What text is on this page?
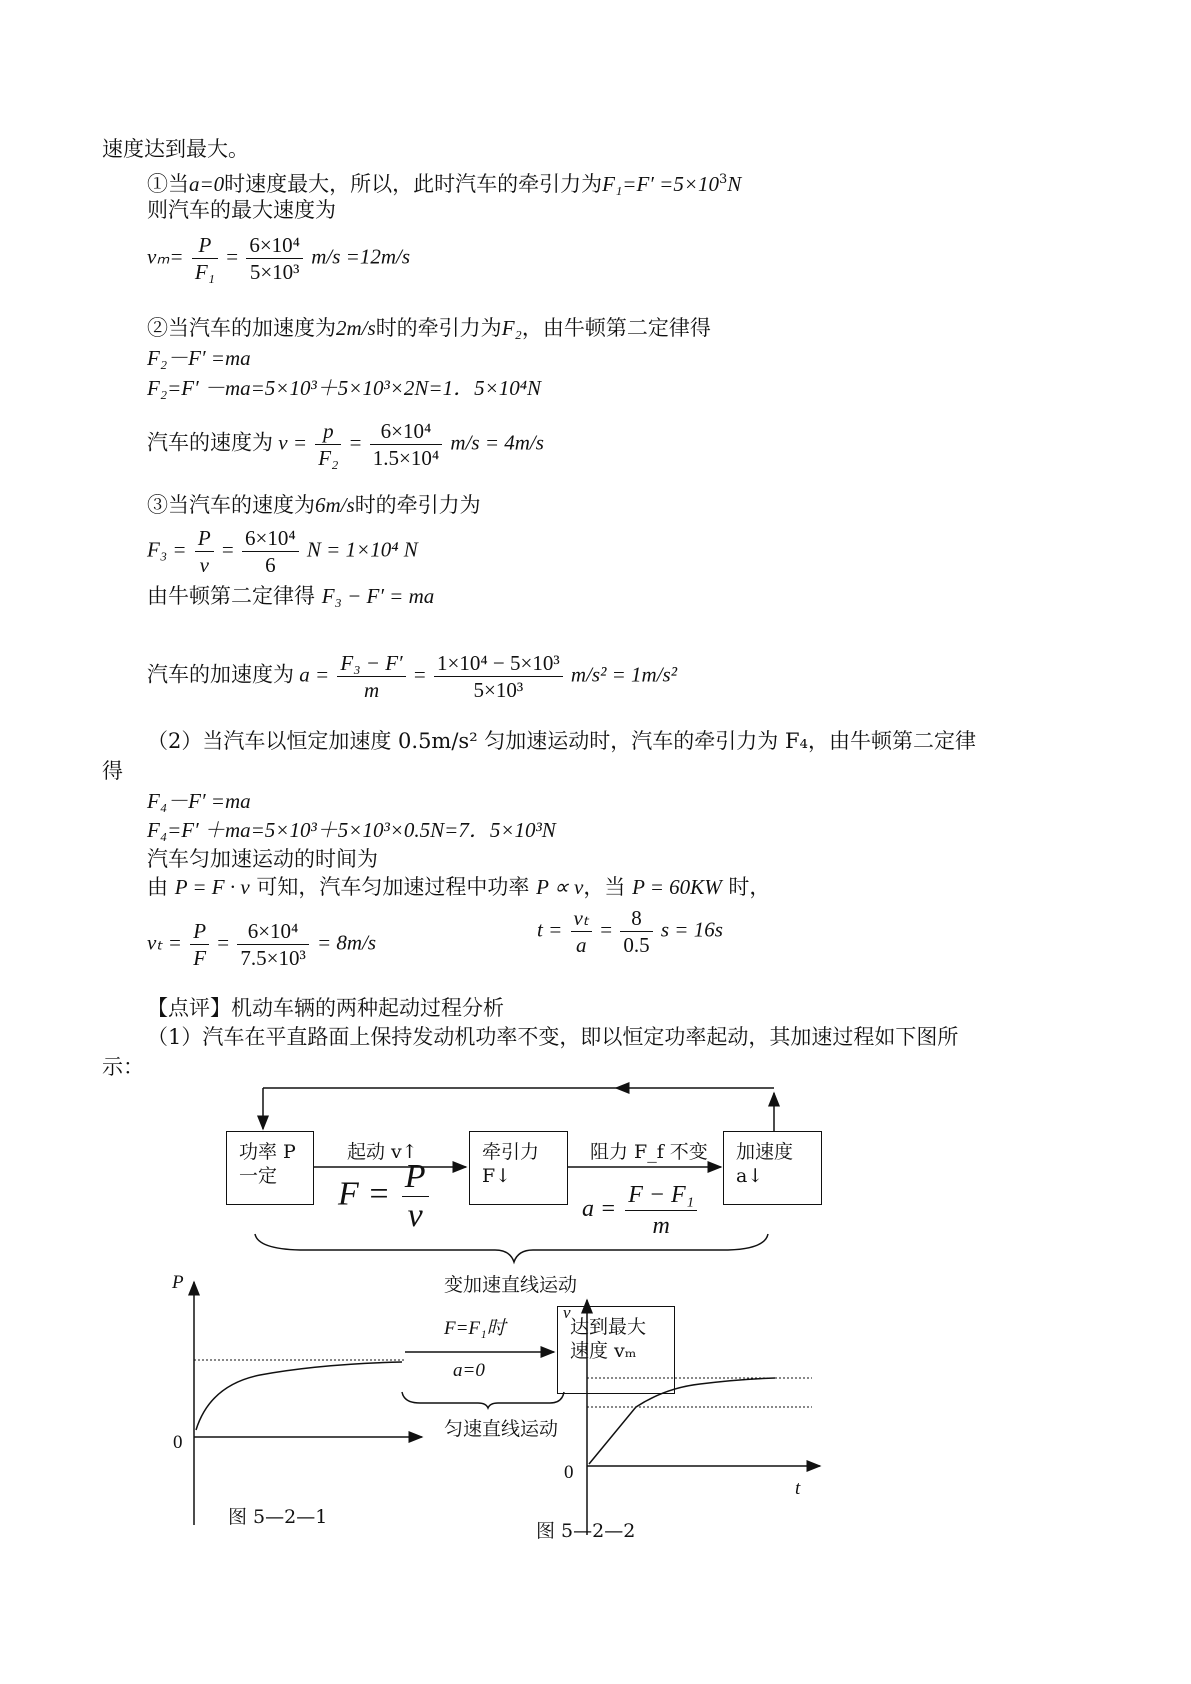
速度达到最大。
①当a=0时速度最大，所以，此时汽车的牵引力为$F_1=F' =5\times 10^3N$
则汽车的最大速度为
$v_m= \frac{P}{\text{F₁}} = \frac{\text{6×10⁴}}{\text{5×10³}} m/s =12m/s$
②当汽车的加速度为2m/s时的牵引力为F₂，由牛顿第二定律得
F₂－F′ =ma
F₂=F′ －ma=5×10³＋5×10³×2N=1．5×10⁴N
汽车的速度为 $v = \frac{p}{\text{F₂}} = \frac{\text{6×10⁴}}{\text{1.5×10⁴}} m/s = 4m/s$
③当汽车的速度为6m/s时的牵引力为
$F_3 = \frac{P}{v} = \frac{\text{6×10⁴}}{6}$ N = 1×10⁴ N
由牛顿第二定律得 F₃ − F′ = ma
汽车的加速度为 $a = \frac{\text{F₃ − F′}}{m} = \frac{\text{1×10⁴ − 5×10³}}{\text{5×10³}} m/s^2 = 1m/s^2$
（2）当汽车以恒定加速度 0.5m/s² 匀加速运动时，汽车的牵引力为 F₄，由牛顿第二定律
得
F₄－F′ =ma
F₄=F′ ＋ma=5×10³＋5×10³×0.5N=7．5×10³N
汽车匀加速运动的时间为
由 P = F · v 可知，汽车匀加速过程中功率 P ∝ v，当 P = 60KW 时，
$v_t = \frac{P}{F} = \frac{\text{6×10⁴}}{\text{7.5×10³}} = 8m/s$
$t = \frac{\text{vₜ}}{a} = \frac{8}{0.5}$ s = 16s
【点评】机动车辆的两种起动过程分析
（1）汽车在平直路面上保持发动机功率不变，即以恒定功率起动，其加速过程如下图所
示：
功率 P
一定
牵引力
F↓
加速度
a↓
起动 v↑	阻力 F_f 不变
$F = \frac{P}{v}$	$a = \frac{\text{F − F₁}}{m}$
变加速直线运动
F=F₁时
a=0
达到最大
速度 vₘ
匀速直线运动
P
0
v
0
t
图 5—2—1
图 5—2—2
